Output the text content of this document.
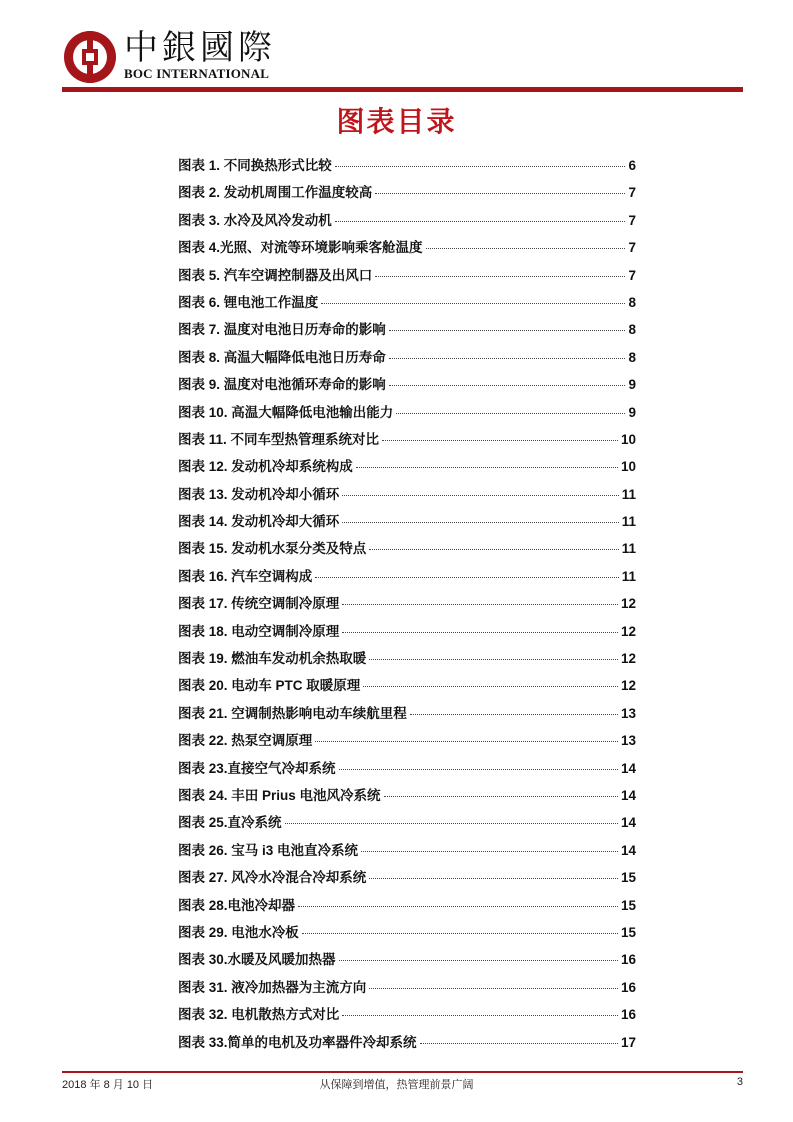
中銀國際
BOC INTERNATIONAL
图表目录
图表 1. 不同换热形式比较	6
图表 2. 发动机周围工作温度较高	7
图表 3. 水冷及风冷发动机	7
图表 4.光照、对流等环境影响乘客舱温度	7
图表 5. 汽车空调控制器及出风口	7
图表 6. 锂电池工作温度	8
图表 7. 温度对电池日历寿命的影响	8
图表 8. 高温大幅降低电池日历寿命	8
图表 9. 温度对电池循环寿命的影响	9
图表 10. 高温大幅降低电池输出能力	9
图表 11. 不同车型热管理系统对比	10
图表 12. 发动机冷却系统构成	10
图表 13. 发动机冷却小循环	11
图表 14. 发动机冷却大循环	11
图表 15. 发动机水泵分类及特点	11
图表 16. 汽车空调构成	11
图表 17. 传统空调制冷原理	12
图表 18. 电动空调制冷原理	12
图表 19. 燃油车发动机余热取暖	12
图表 20. 电动车 PTC 取暖原理	12
图表 21. 空调制热影响电动车续航里程	13
图表 22. 热泵空调原理	13
图表 23.直接空气冷却系统	14
图表 24. 丰田 Prius 电池风冷系统	14
图表 25.直冷系统	14
图表 26. 宝马 i3 电池直冷系统	14
图表 27. 风冷水冷混合冷却系统	15
图表 28.电池冷却器	15
图表 29. 电池水冷板	15
图表 30.水暖及风暖加热器	16
图表 31. 液冷加热器为主流方向	16
图表 32. 电机散热方式对比	16
图表 33.简单的电机及功率器件冷却系统	17
2018 年 8 月 10 日	从保障到增值，热管理前景广阔	3
